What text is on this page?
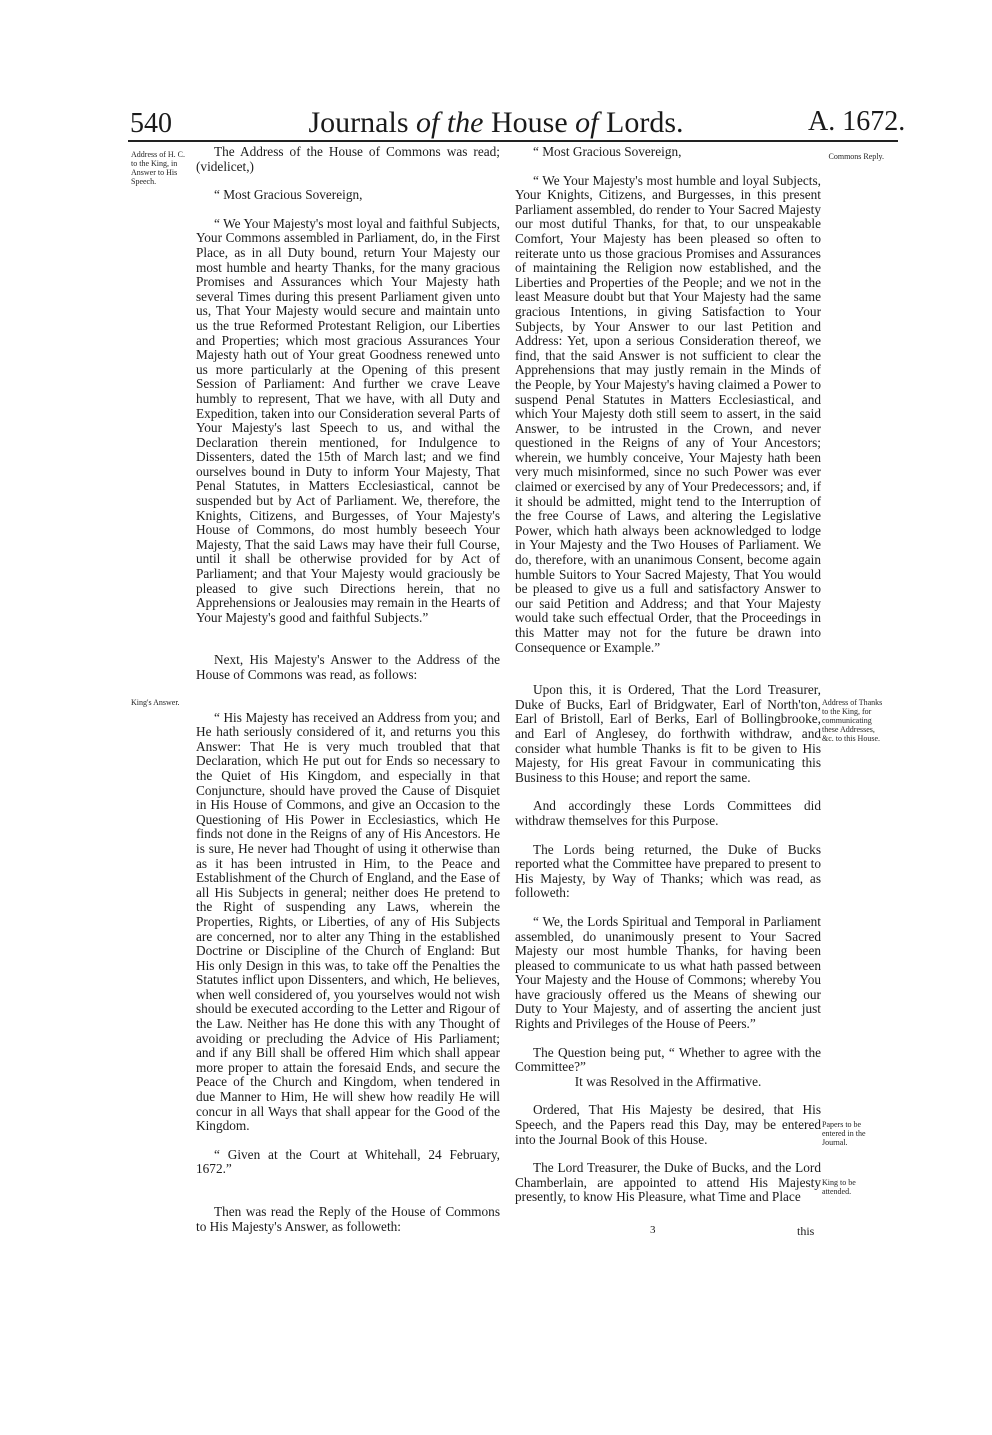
540	Journals of the House of Lords.	A. 1672.
Address of H. C. to the King, in Answer to His Speech.
Commons Reply.
King's Answer.	Address of Thanks to the King, for communicating these Addresses, &c. to this House.
Papers to be entered in the Journal.
King to be attended.

The Address of the House of Commons was read; (videlicet,)

“ Most Gracious Sovereign,

“ We Your Majesty's most loyal and faithful Subjects, Your Commons assembled in Parliament, do, in the First Place, as in all Duty bound, return Your Majesty our most humble and hearty Thanks, for the many gracious Promises and Assurances which Your Majesty hath several Times during this present Parliament given unto us, That Your Majesty would secure and maintain unto us the true Reformed Protestant Religion, our Liberties and Properties; which most gracious Assurances Your Majesty hath out of Your great Goodness renewed unto us more particularly at the Opening of this present Session of Parliament: And further we crave Leave humbly to represent, That we have, with all Duty and Expedition, taken into our Consideration several Parts of Your Majesty's last Speech to us, and withal the Declaration therein mentioned, for Indulgence to Dissenters, dated the 15th of March last; and we find ourselves bound in Duty to inform Your Majesty, That Penal Statutes, in Matters Ecclesiastical, cannot be suspended but by Act of Parliament. We, therefore, the Knights, Citizens, and Burgesses, of Your Majesty's House of Commons, do most humbly beseech Your Majesty, That the said Laws may have their full Course, until it shall be otherwise provided for by Act of Parliament; and that Your Majesty would graciously be pleased to give such Directions herein, that no Apprehensions or Jealousies may remain in the Hearts of Your Majesty's good and faithful Subjects.”

Next, His Majesty's Answer to the Address of the House of Commons was read, as follows:

“ His Majesty has received an Address from you; and He hath seriously considered of it, and returns you this Answer: That He is very much troubled that that Declaration, which He put out for Ends so necessary to the Quiet of His Kingdom, and especially in that Conjuncture, should have proved the Cause of Disquiet in His House of Commons, and give an Occasion to the Questioning of His Power in Ecclesiastics, which He finds not done in the Reigns of any of His Ancestors. He is sure, He never had Thought of using it otherwise than as it has been intrusted in Him, to the Peace and Establishment of the Church of England, and the Ease of all His Subjects in general; neither does He pretend to the Right of suspending any Laws, wherein the Properties, Rights, or Liberties, of any of His Subjects are concerned, nor to alter any Thing in the established Doctrine or Discipline of the Church of England: But His only Design in this was, to take off the Penalties the Statutes inflict upon Dissenters, and which, He believes, when well considered of, you yourselves would not wish should be executed according to the Letter and Rigour of the Law. Neither has He done this with any Thought of avoiding or precluding the Advice of His Parliament; and if any Bill shall be offered Him which shall appear more proper to attain the foresaid Ends, and secure the Peace of the Church and Kingdom, when tendered in due Manner to Him, He will shew how readily He will concur in all Ways that shall appear for the Good of the Kingdom.

“ Given at the Court at Whitehall, 24 February, 1672.”

Then was read the Reply of the House of Commons to His Majesty's Answer, as followeth:

“ Most Gracious Sovereign,

“ We Your Majesty's most humble and loyal Subjects, Your Knights, Citizens, and Burgesses, in this present Parliament assembled, do render to Your Sacred Majesty our most dutiful Thanks, for that, to our unspeakable Comfort, Your Majesty has been pleased so often to reiterate unto us those gracious Promises and Assurances of maintaining the Religion now established, and the Liberties and Properties of the People; and we not in the least Measure doubt but that Your Majesty had the same gracious Intentions, in giving Satisfaction to Your Subjects, by Your Answer to our last Petition and Address: Yet, upon a serious Consideration thereof, we find, that the said Answer is not sufficient to clear the Apprehensions that may justly remain in the Minds of the People, by Your Majesty's having claimed a Power to suspend Penal Statutes in Matters Ecclesiastical, and which Your Majesty doth still seem to assert, in the said Answer, to be intrusted in the Crown, and never questioned in the Reigns of any of Your Ancestors; wherein, we humbly conceive, Your Majesty hath been very much misinformed, since no such Power was ever claimed or exercised by any of Your Predecessors; and, if it should be admitted, might tend to the Interruption of the free Course of Laws, and altering the Legislative Power, which hath always been acknowledged to lodge in Your Majesty and the Two Houses of Parliament. We do, therefore, with an unanimous Consent, become again humble Suitors to Your Sacred Majesty, That You would be pleased to give us a full and satisfactory Answer to our said Petition and Address; and that Your Majesty would take such effectual Order, that the Proceedings in this Matter may not for the future be drawn into Consequence or Example.”

Upon this, it is Ordered, That the Lord Treasurer, Duke of Bucks, Earl of Bridgwater, Earl of North'ton, Earl of Bristoll, Earl of Berks, Earl of Bollingbrooke, and Earl of Anglesey, do forthwith withdraw, and consider what humble Thanks is fit to be given to His Majesty, for His great Favour in communicating this Business to this House; and report the same.

And accordingly these Lords Committees did withdraw themselves for this Purpose.

The Lords being returned, the Duke of Bucks reported what the Committee have prepared to present to His Majesty, by Way of Thanks; which was read, as followeth:

“ We, the Lords Spiritual and Temporal in Parliament assembled, do unanimously present to Your Sacred Majesty our most humble Thanks, for having been pleased to communicate to us what hath passed between Your Majesty and the House of Commons; whereby You have graciously offered us the Means of shewing our Duty to Your Majesty, and of asserting the ancient just Rights and Privileges of the House of Peers.”

The Question being put, “ Whether to agree with the Committee?”

It was Resolved in the Affirmative.

Ordered, That His Majesty be desired, that His Speech, and the Papers read this Day, may be entered into the Journal Book of this House.

The Lord Treasurer, the Duke of Bucks, and the Lord Chamberlain, are appointed to attend His Majesty presently, to know His Pleasure, what Time and Place

3	this
